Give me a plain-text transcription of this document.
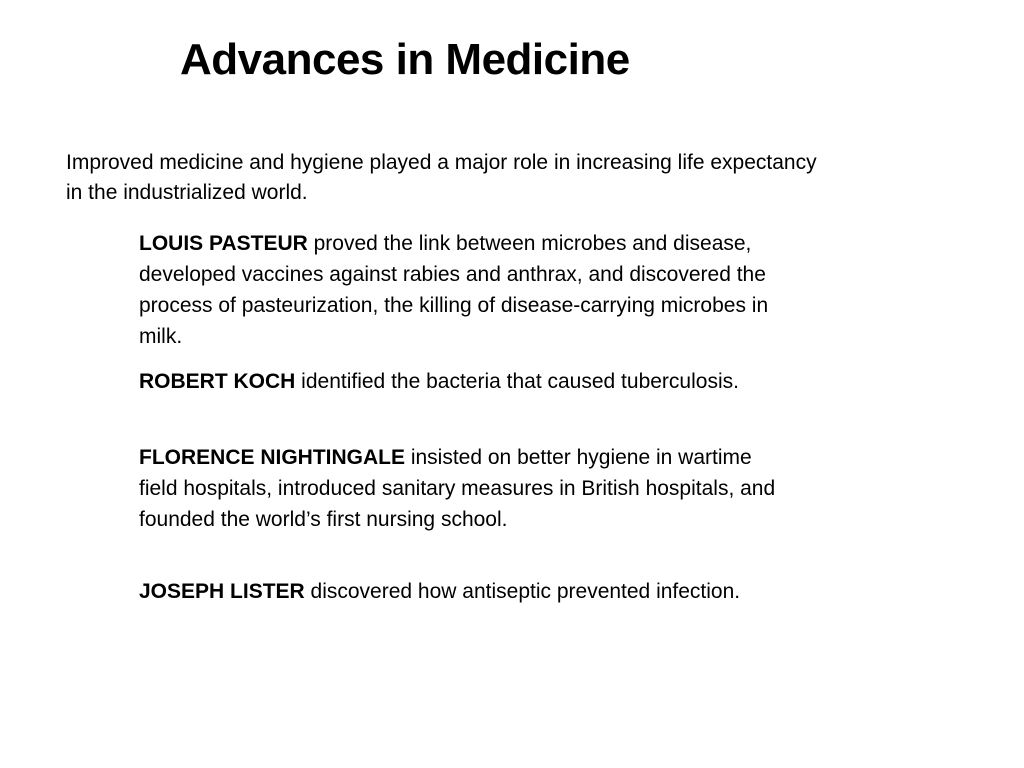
Advances in Medicine

Improved medicine and hygiene played a major role in increasing life expectancy in the industrialized world.

LOUIS PASTEUR proved the link between microbes and disease, developed vaccines against rabies and anthrax, and discovered the process of pasteurization, the killing of disease-carrying microbes in milk.

ROBERT KOCH identified the bacteria that caused tuberculosis.

FLORENCE NIGHTINGALE insisted on better hygiene in wartime field hospitals, introduced sanitary measures in British hospitals, and founded the world’s first nursing school.

JOSEPH LISTER discovered how antiseptic prevented infection.
